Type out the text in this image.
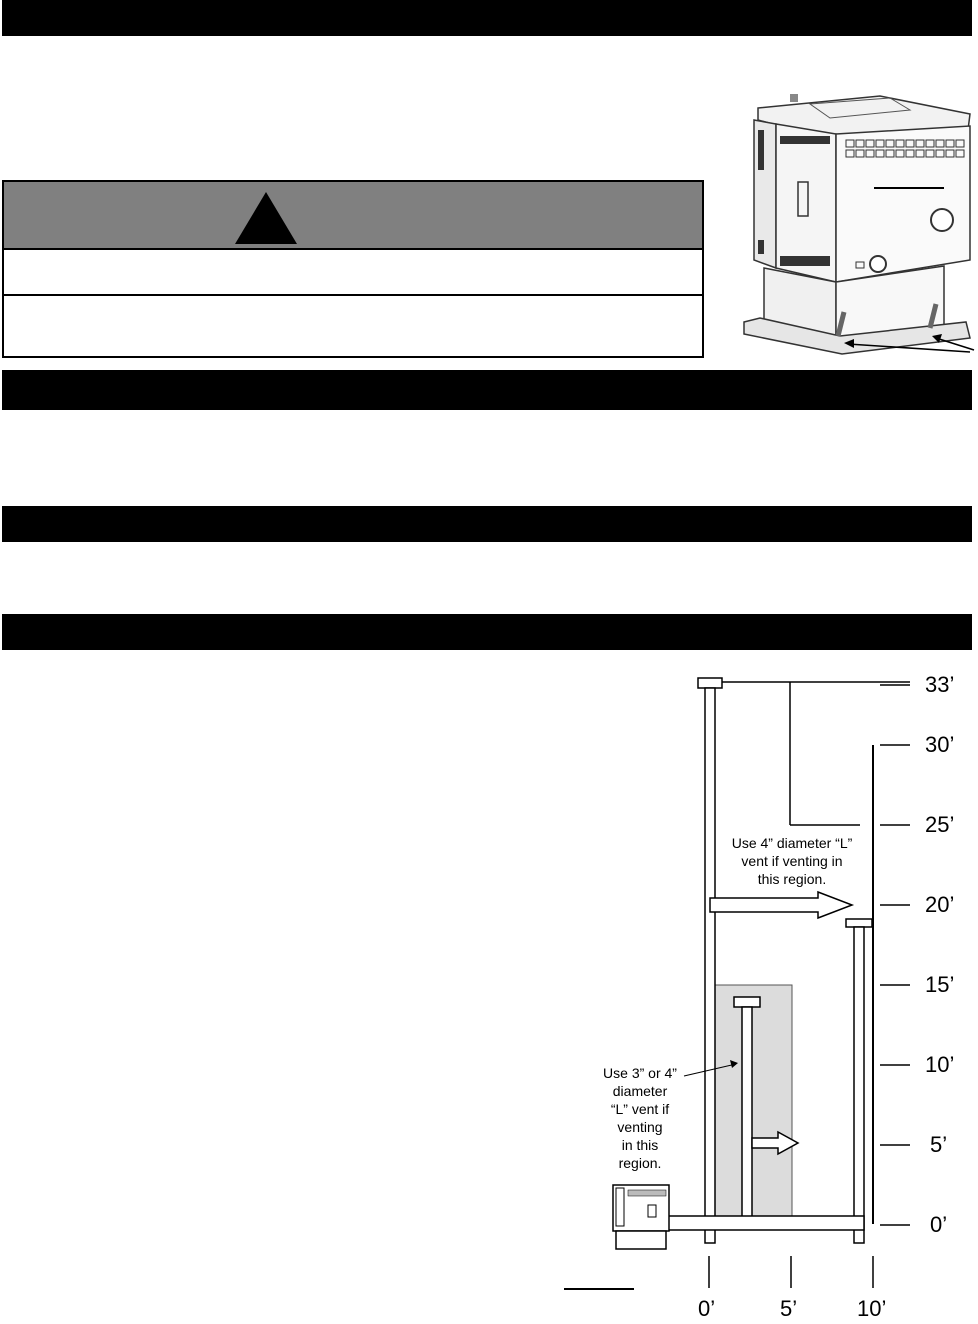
33’
30’
25’
20’
15’
10’
5’
0’
0’	5’	10’
Use 4” diameter “L”
vent if venting in
this region.
Use 3” or 4”
diameter
“L” vent if
venting
in this
region.
